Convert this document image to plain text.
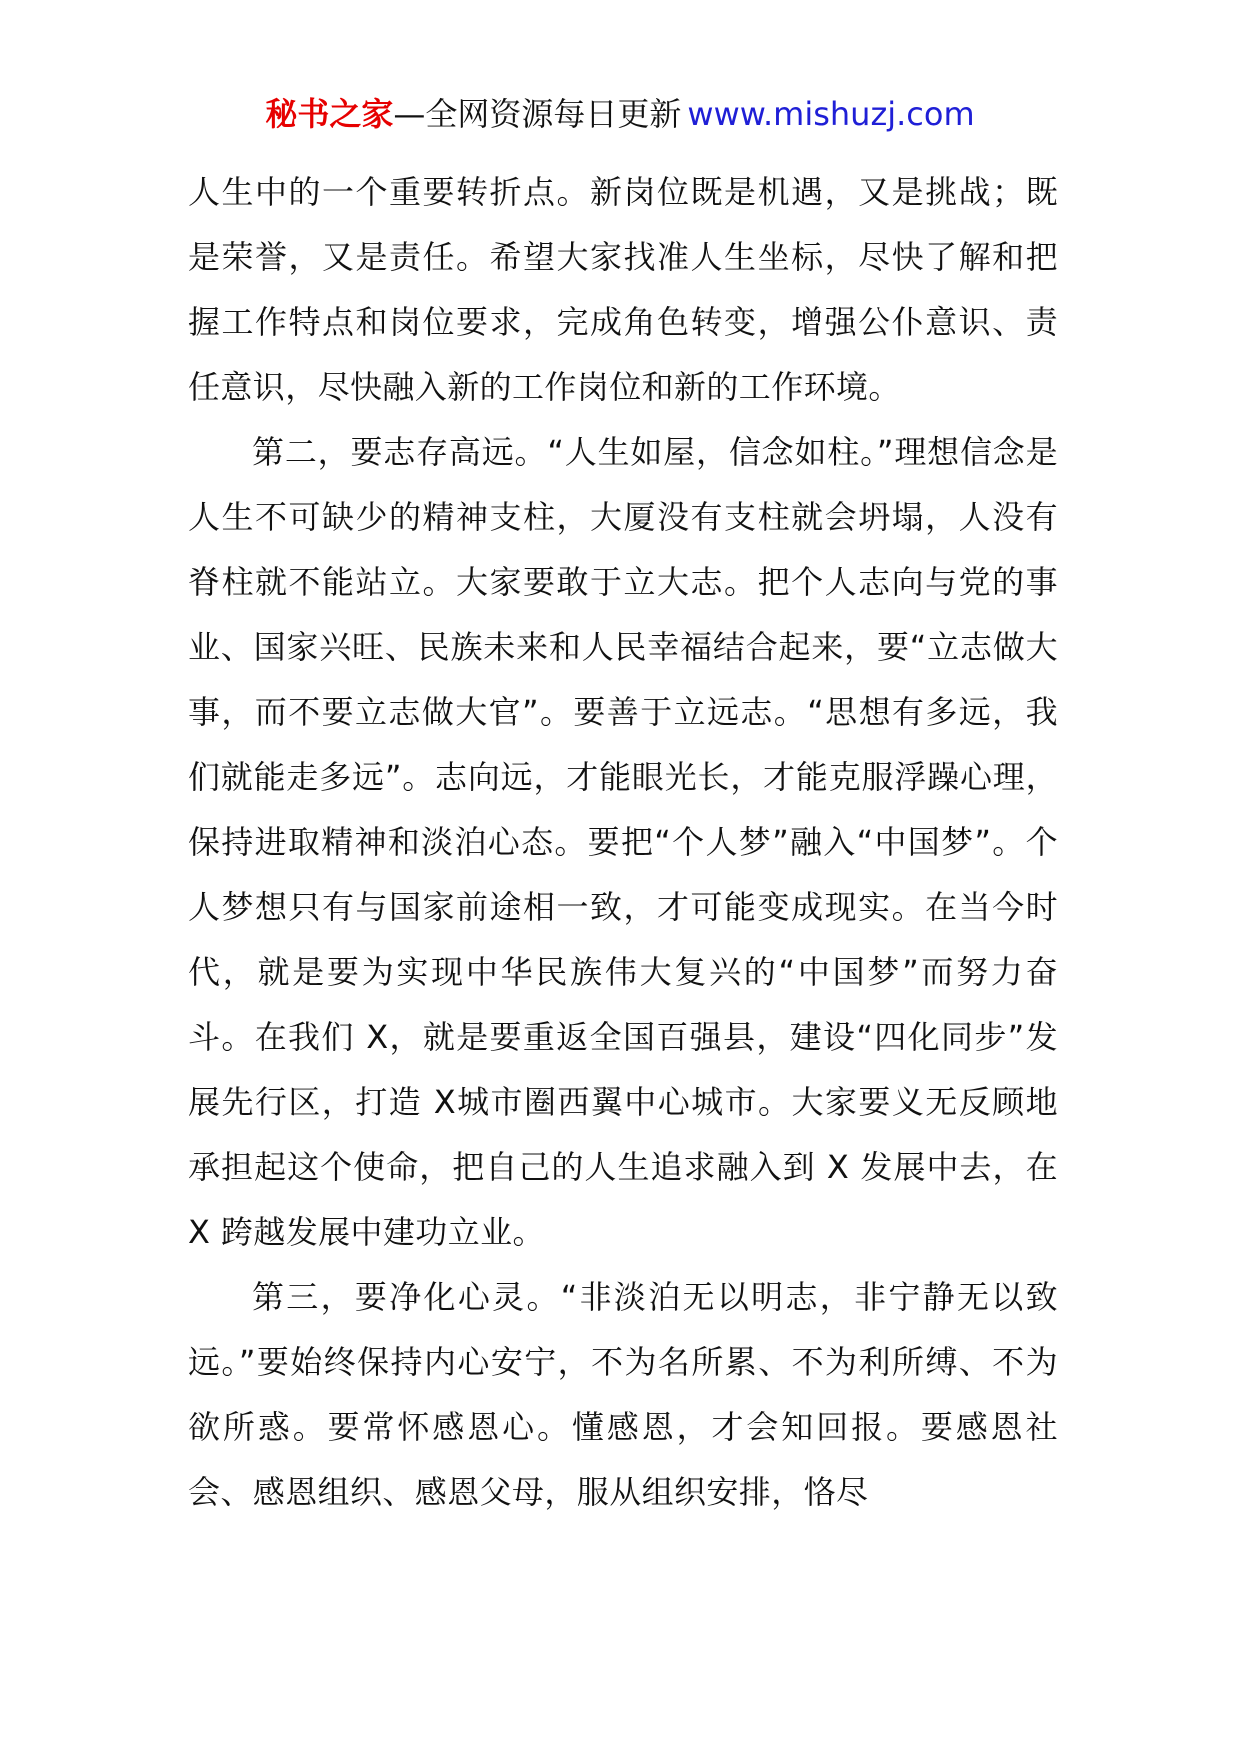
秘书之家—全网资源每日更新 www.mishuzj.com

人生中的一个重要转折点。新岗位既是机遇，又是挑战；既是荣誉，又是责任。希望大家找准人生坐标，尽快了解和把握工作特点和岗位要求，完成角色转变，增强公仆意识、责任意识，尽快融入新的工作岗位和新的工作环境。

第二，要志存高远。“人生如屋，信念如柱。”理想信念是人生不可缺少的精神支柱，大厦没有支柱就会坍塌，人没有脊柱就不能站立。大家要敢于立大志。把个人志向与党的事业、国家兴旺、民族未来和人民幸福结合起来，要“立志做大事，而不要立志做大官”。要善于立远志。“思想有多远，我们就能走多远”。志向远，才能眼光长，才能克服浮躁心理，保持进取精神和淡泊心态。要把“个人梦”融入“中国梦”。个人梦想只有与国家前途相一致，才可能变成现实。在当今时代，就是要为实现中华民族伟大复兴的“中国梦”而努力奋斗。在我们 X，就是要重返全国百强县，建设“四化同步”发展先行区，打造 X城市圈西翼中心城市。大家要义无反顾地承担起这个使命，把自己的人生追求融入到 X 发展中去，在 X 跨越发展中建功立业。

第三，要净化心灵。“非淡泊无以明志，非宁静无以致远。”要始终保持内心安宁，不为名所累、不为利所缚、不为欲所惑。要常怀感恩心。懂感恩，才会知回报。要感恩社会、感恩组织、感恩父母，服从组织安排，恪尽
